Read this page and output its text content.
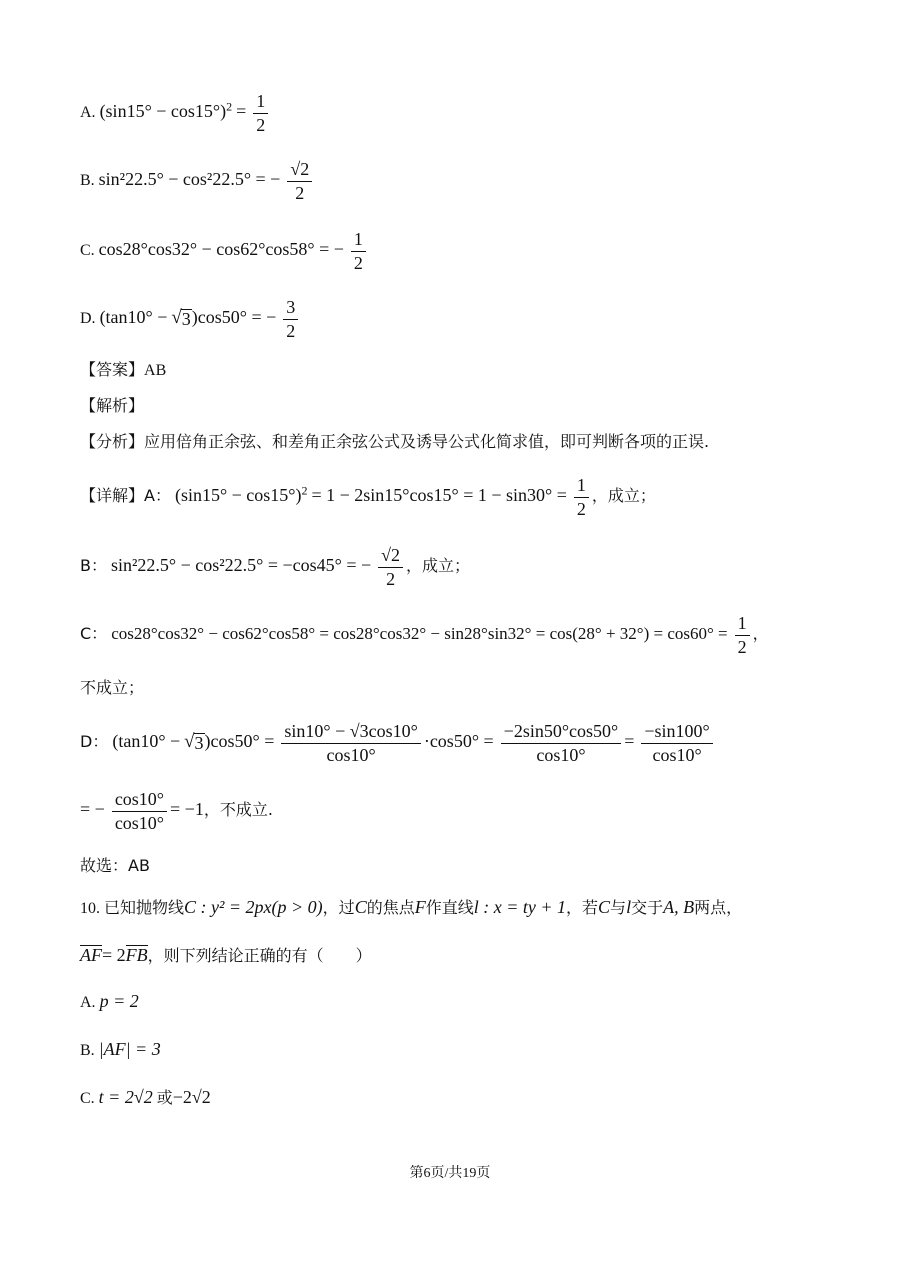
A. $(\sin 15^\circ - \cos 15^\circ)^2 = \frac{1}{2}$
B. sin²22.5° − cos²22.5° = − $\frac{√2}{2}$
C. cos28°cos32° − cos62°cos58° = − $\frac{1}{2}$
D. (tan10° − √ 3 )cos50° = − $\frac{3}{2}$
【答案】AB
【解析】
【分析】应用倍角正余弦、和差角正余弦公式及诱导公式化简求值，即可判断各项的正误.
【详解】A： $(\sin 15^\circ - \cos 15^\circ)^2 = 1 - 2\sin 15^\circ\cos 15^\circ = 1 - \sin 30^\circ = \frac{1}{2}$ ，成立；
B： sin²22.5° − cos²22.5° = −cos45° = − $\frac{√2}{2}$ ，成立；
C： $\cos 28^\circ\cos 32^\circ - \cos 62^\circ\cos 58^\circ = \cos 28^\circ\cos 32^\circ - \sin 28^\circ\sin 32^\circ = \cos(28^\circ + 32^\circ) = \cos 60^\circ = \frac{1}{2}$ ，
不成立；
D： (tan10° − √ 3 )$\cos 50^\circ = \frac{\sin 10^\circ - √3\cos 10^\circ}{\cos 10^\circ} \cdot\cos 50^\circ = \frac{-2\sin 50^\circ\cos 50^\circ}{\cos 10^\circ} = \frac{-\sin 100^\circ}{\cos 10^\circ}$
= − $\frac{\cos 10^\circ}{\cos 10^\circ} = -1$，不成立.
故选：AB
10. 已知抛物线C : y² = 2px(p > 0)，过C的焦点F作直线l : x = ty + 1，若C与l交于A, B两点，
AF= 2FB，则下列结论正确的有（　　）
A. p = 2
B. |AF| = 3
C. t = 2√2 或−2√2
第6页/共19页
